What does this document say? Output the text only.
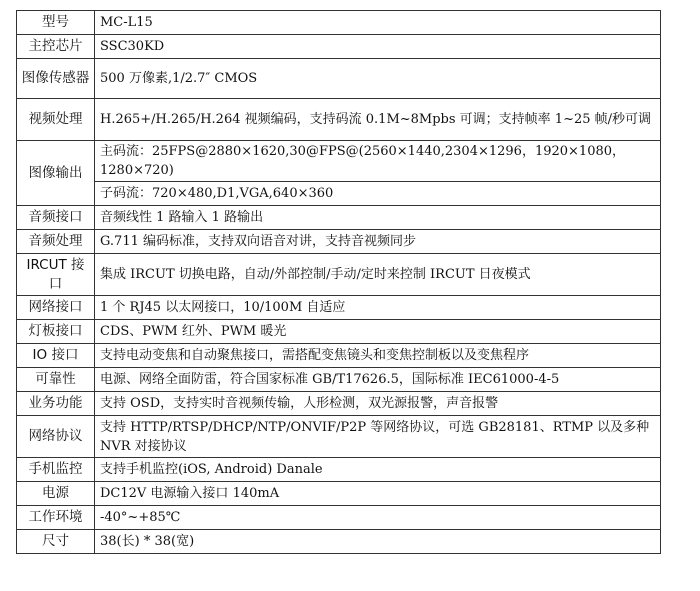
型号	MC-L15
主控芯片	SSC30KD
图像传感器	500 万像素,1/2.7″ CMOS
视频处理	H.265+/H.265/H.264 视频编码，支持码流 0.1M~8Mpbs 可调；支持帧率 1~25 帧/秒可调
图像输出	主码流：25FPS@2880×1620,30@FPS@(2560×1440,2304×1296，1920×1080，1280×720)
	子码流：720×480,D1,VGA,640×360
音频接口	音频线性 1 路输入 1 路输出
音频处理	G.711 编码标准，支持双向语音对讲，支持音视频同步
IRCUT 接口	集成 IRCUT 切换电路，自动/外部控制/手动/定时来控制 IRCUT 日夜模式
网络接口	1 个 RJ45 以太网接口，10/100M 自适应
灯板接口	CDS、PWM 红外、PWM 暖光
IO 接口	支持电动变焦和自动聚焦接口，需搭配变焦镜头和变焦控制板以及变焦程序
可靠性	电源、网络全面防雷，符合国家标准 GB/T17626.5，国际标准 IEC61000-4-5
业务功能	支持 OSD，支持实时音视频传输，人形检测，双光源报警，声音报警
网络协议	支持 HTTP/RTSP/DHCP/NTP/ONVIF/P2P 等网络协议，可选 GB28181、RTMP 以及多种 NVR 对接协议
手机监控	支持手机监控(iOS, Android) Danale
电源	DC12V 电源输入接口 140mA
工作环境	-40°~+85℃
尺寸	38(长) * 38(宽)
